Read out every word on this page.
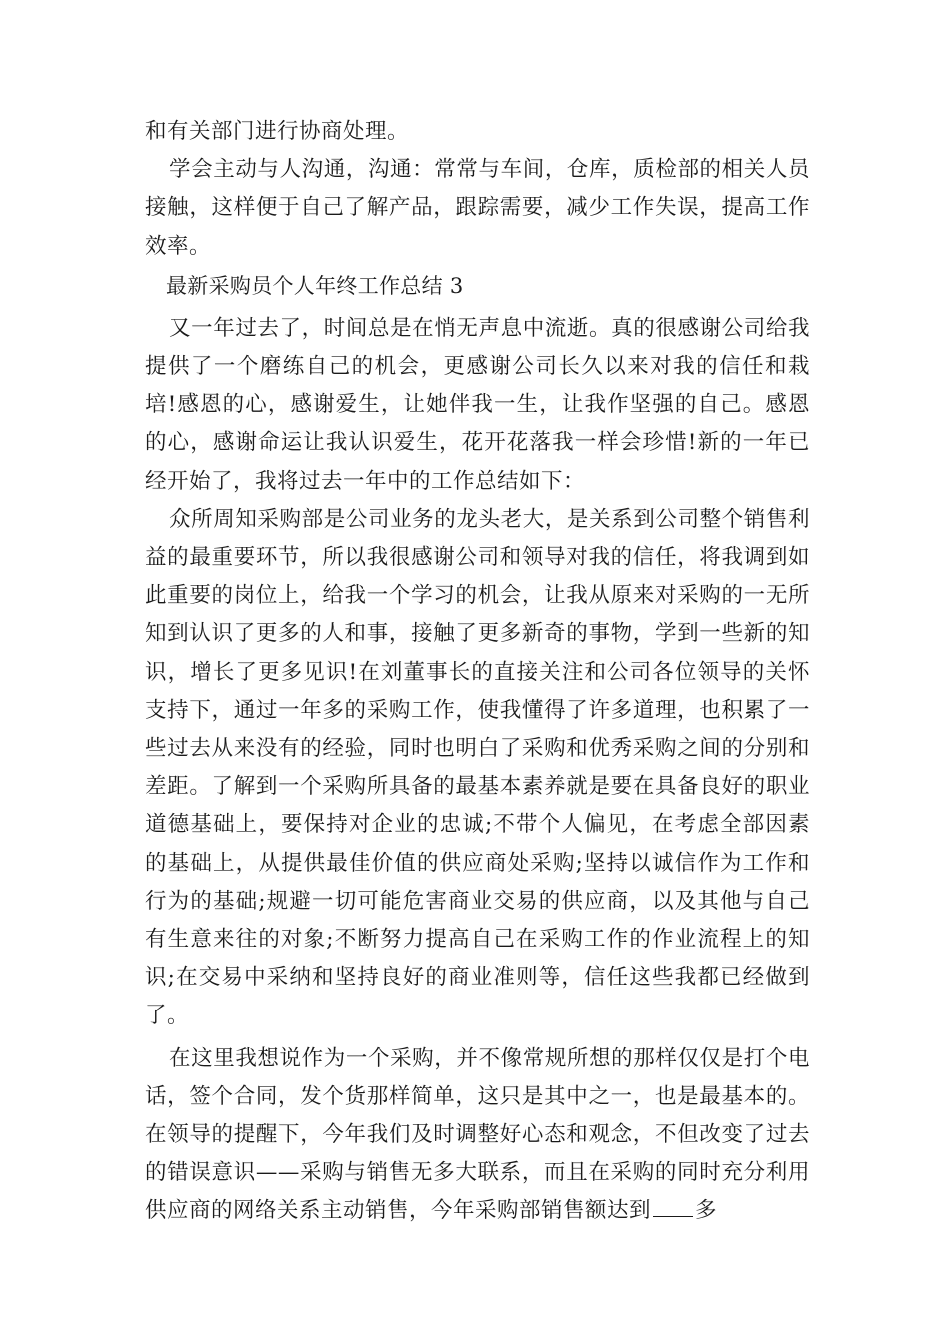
和有关部门进行协商处理。

学会主动与人沟通，沟通：常常与车间，仓库，质检部的相关人员接触，这样便于自己了解产品，跟踪需要，减少工作失误，提高工作效率。

最新采购员个人年终工作总结 3

又一年过去了，时间总是在悄无声息中流逝。真的很感谢公司给我提供了一个磨练自己的机会，更感谢公司长久以来对我的信任和栽培!感恩的心，感谢爱生，让她伴我一生，让我作坚强的自己。感恩的心，感谢命运让我认识爱生，花开花落我一样会珍惜!新的一年已经开始了，我将过去一年中的工作总结如下：

众所周知采购部是公司业务的龙头老大，是关系到公司整个销售利益的最重要环节，所以我很感谢公司和领导对我的信任，将我调到如此重要的岗位上，给我一个学习的机会，让我从原来对采购的一无所知到认识了更多的人和事，接触了更多新奇的事物，学到一些新的知识，增长了更多见识!在刘董事长的直接关注和公司各位领导的关怀支持下，通过一年多的采购工作，使我懂得了许多道理，也积累了一些过去从来没有的经验，同时也明白了采购和优秀采购之间的分别和差距。了解到一个采购所具备的最基本素养就是要在具备良好的职业道德基础上，要保持对企业的忠诚;不带个人偏见，在考虑全部因素的基础上，从提供最佳价值的供应商处采购;坚持以诚信作为工作和行为的基础;规避一切可能危害商业交易的供应商，以及其他与自己有生意来往的对象;不断努力提高自己在采购工作的作业流程上的知识;在交易中采纳和坚持良好的商业准则等，信任这些我都已经做到了。

在这里我想说作为一个采购，并不像常规所想的那样仅仅是打个电话，签个合同，发个货那样简单，这只是其中之一，也是最基本的。在领导的提醒下，今年我们及时调整好心态和观念，不但改变了过去的错误意识——采购与销售无多大联系，而且在采购的同时充分利用供应商的网络关系主动销售，今年采购部销售额达到 多
